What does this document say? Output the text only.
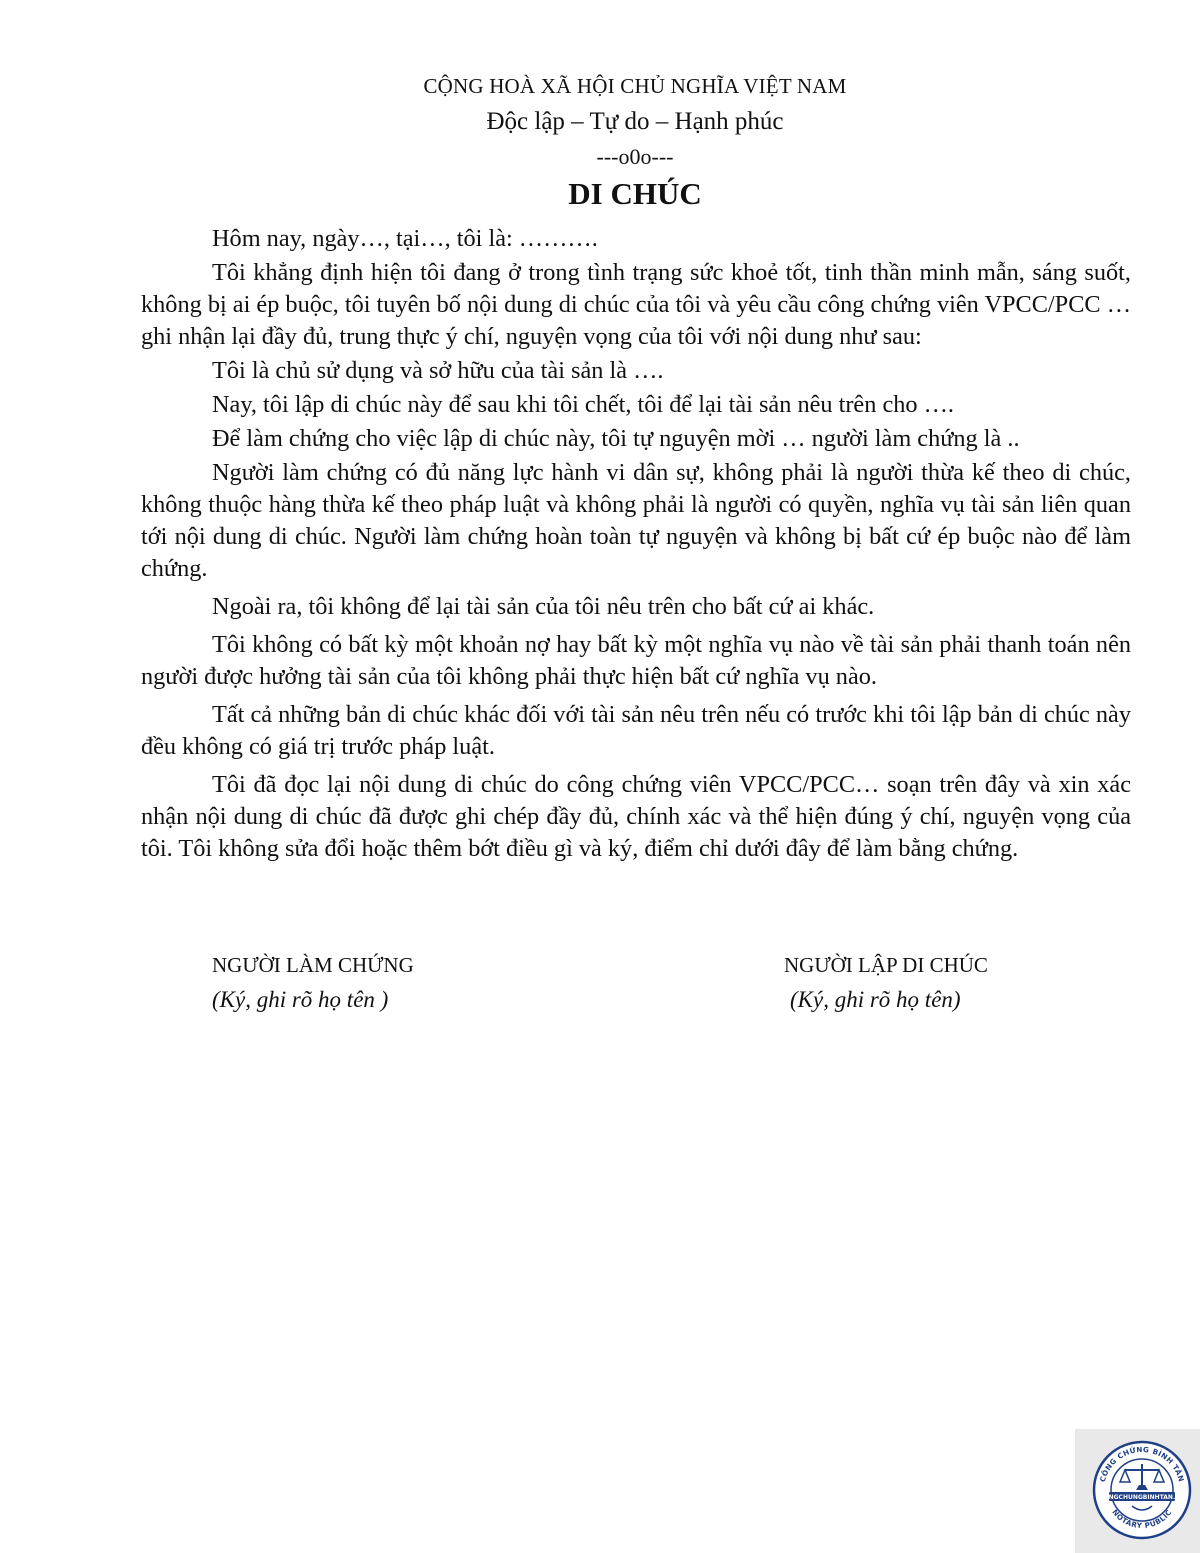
CỘNG HOÀ XÃ HỘI CHỦ NGHĨA VIỆT NAM
Độc lập – Tự do – Hạnh phúc
---o0o---
DI CHÚC

Hôm nay, ngày…, tại…, tôi là: ……….

Tôi khẳng định hiện tôi đang ở trong tình trạng sức khoẻ tốt, tinh thần minh mẫn, sáng suốt, không bị ai ép buộc, tôi tuyên bố nội dung di chúc của tôi và yêu cầu công chứng viên VPCC/PCC … ghi nhận lại đầy đủ, trung thực ý chí, nguyện vọng của tôi với nội dung như sau:

Tôi là chủ sử dụng và sở hữu của tài sản là ….

Nay, tôi lập di chúc này để sau khi tôi chết, tôi để lại tài sản nêu trên cho ….

Để làm chứng cho việc lập di chúc này, tôi tự nguyện mời … người làm chứng là ..

Người làm chứng có đủ năng lực hành vi dân sự, không phải là người thừa kế theo di chúc, không thuộc hàng thừa kế theo pháp luật và không phải là người có quyền, nghĩa vụ tài sản liên quan tới nội dung di chúc. Người làm chứng hoàn toàn tự nguyện và không bị bất cứ ép buộc nào để làm chứng.

Ngoài ra, tôi không để lại tài sản của tôi nêu trên cho bất cứ ai khác.

Tôi không có bất kỳ một khoản nợ hay bất kỳ một nghĩa vụ nào về tài sản phải thanh toán nên người được hưởng tài sản của tôi không phải thực hiện bất cứ nghĩa vụ nào.

Tất cả những bản di chúc khác đối với tài sản nêu trên nếu có trước khi tôi lập bản di chúc này đều không có giá trị trước pháp luật.

Tôi đã đọc lại nội dung di chúc do công chứng viên VPCC/PCC… soạn trên đây và xin xác nhận nội dung di chúc đã được ghi chép đầy đủ, chính xác và thể hiện đúng ý chí, nguyện vọng của tôi. Tôi không sửa đổi hoặc thêm bớt điều gì và ký, điểm chỉ dưới đây để làm bằng chứng.

NGƯỜI LÀM CHỨNG
(Ký, ghi rõ họ tên )
NGƯỜI LẬP DI CHÚC
(Ký, ghi rõ họ tên)
CÔNG CHỨNG BÌNH TÂN
NOTARY PUBLIC
CONGCHUNGBINHTAN.VN
